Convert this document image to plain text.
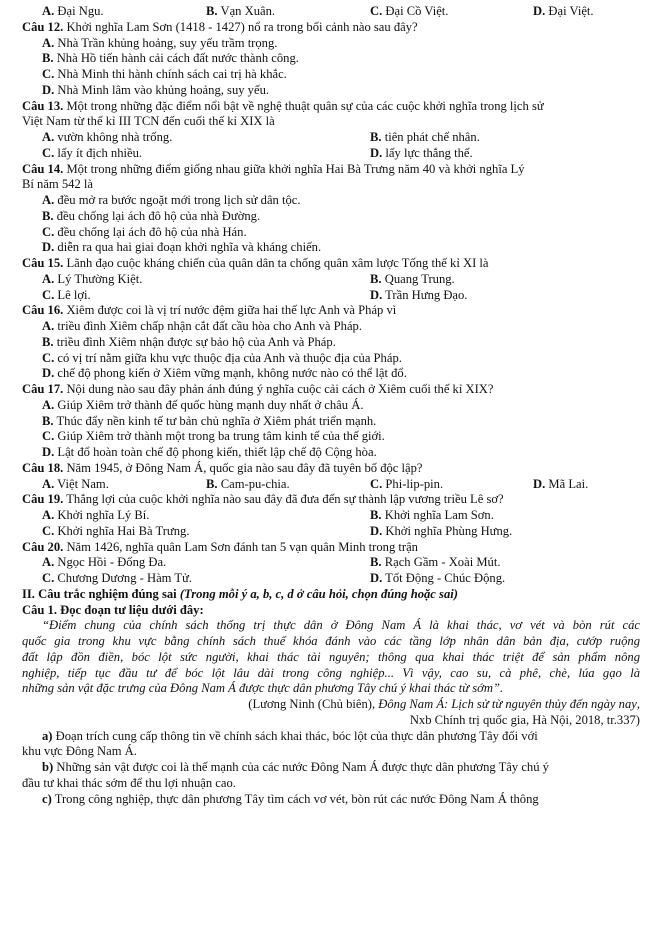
A. Đại Ngu.	B. Vạn Xuân.	C. Đại Cồ Việt.	D. Đại Việt.
Câu 12. Khởi nghĩa Lam Sơn (1418 - 1427) nổ ra trong bối cảnh nào sau đây?
A. Nhà Trần khủng hoảng, suy yếu trầm trọng.
B. Nhà Hồ tiến hành cải cách đất nước thành công.
C. Nhà Minh thi hành chính sách cai trị hà khắc.
D. Nhà Minh lâm vào khủng hoảng, suy yếu.
Câu 13. Một trong những đặc điểm nổi bật về nghệ thuật quân sự của các cuộc khởi nghĩa trong lịch sử
Việt Nam từ thế kỉ III TCN đến cuối thế kỉ XIX là
A. vườn không nhà trống.	B. tiên phát chế nhân.
C. lấy ít địch nhiều.	D. lấy lực thắng thế.
Câu 14. Một trong những điểm giống nhau giữa khởi nghĩa Hai Bà Trưng năm 40 và khởi nghĩa Lý
Bí năm 542 là
A. đều mở ra bước ngoặt mới trong lịch sử dân tộc.
B. đều chống lại ách đô hộ của nhà Đường.
C. đều chống lại ách đô hộ của nhà Hán.
D. diễn ra qua hai giai đoạn khởi nghĩa và kháng chiến.
Câu 15. Lãnh đạo cuộc kháng chiến của quân dân ta chống quân xâm lược Tống thế kỉ XI là
A. Lý Thường Kiệt.	B. Quang Trung.
C. Lê lợi.	D. Trần Hưng Đạo.
Câu 16. Xiêm được coi là vị trí nước đệm giữa hai thế lực Anh và Pháp vì
A. triều đình Xiêm chấp nhận cắt đất cầu hòa cho Anh và Pháp.
B. triều đình Xiêm nhận được sự bảo hộ của Anh và Pháp.
C. có vị trí nằm giữa khu vực thuộc địa của Anh và thuộc địa của Pháp.
D. chế độ phong kiến ở Xiêm vững mạnh, không nước nào có thể lật đổ.
Câu 17. Nội dung nào sau đây phản ánh đúng ý nghĩa cuộc cải cách ở Xiêm cuối thế kỉ XIX?
A. Giúp Xiêm trở thành đế quốc hùng mạnh duy nhất ở châu Á.
B. Thúc đẩy nền kinh tế tư bản chủ nghĩa ở Xiêm phát triển mạnh.
C. Giúp Xiêm trở thành một trong ba trung tâm kinh tế của thế giới.
D. Lật đổ hoàn toàn chế độ phong kiến, thiết lập chế độ Cộng hòa.
Câu 18. Năm 1945, ở Đông Nam Á, quốc gia nào sau đây đã tuyên bố độc lập?
A. Việt Nam.	B. Cam-pu-chia.	C. Phi-lip-pin.	D. Mã Lai.
Câu 19. Thắng lợi của cuộc khởi nghĩa nào sau đây đã đưa đến sự thành lập vương triều Lê sơ?
A. Khởi nghĩa Lý Bí.	B. Khởi nghĩa Lam Sơn.
C. Khởi nghĩa Hai Bà Trưng.	D. Khởi nghĩa Phùng Hưng.
Câu 20. Năm 1426, nghĩa quân Lam Sơn đánh tan 5 vạn quân Minh trong trận
A. Ngọc Hồi - Đống Đa.	B. Rạch Gầm - Xoài Mút.
C. Chương Dương - Hàm Tử.	D. Tốt Động - Chúc Động.
II. Câu trắc nghiệm đúng sai (Trong mỗi ý a, b, c, d ở câu hỏi, chọn đúng hoặc sai)
Câu 1. Đọc đoạn tư liệu dưới đây:
“Điểm chung của chính sách thống trị thực dân ở Đông Nam Á là khai thác, vơ vét và bòn rút các
quốc gia trong khu vực bằng chính sách thuế khóa đánh vào các tầng lớp nhân dân bản địa, cướp ruộng
đất lập đồn điền, bóc lột sức người, khai thác tài nguyên; thông qua khai thác triệt để sản phẩm nông
nghiệp, tiếp tục đầu tư để bóc lột lâu dài trong công nghiệp... Vì vậy, cao su, cà phê, chè, lúa gạo là
những sản vật đặc trưng của Đông Nam Á được thực dân phương Tây chú ý khai thác từ sớm”.
(Lương Ninh (Chủ biên), Đông Nam Á: Lịch sử từ nguyên thủy đến ngày nay,
Nxb Chính trị quốc gia, Hà Nội, 2018, tr.337)
a) Đoạn trích cung cấp thông tin về chính sách khai thác, bóc lột của thực dân phương Tây đối với
khu vực Đông Nam Á.
b) Những sản vật được coi là thế mạnh của các nước Đông Nam Á được thực dân phương Tây chú ý
đầu tư khai thác sớm để thu lợi nhuận cao.
c) Trong công nghiệp, thực dân phương Tây tìm cách vơ vét, bòn rút các nước Đông Nam Á thông
